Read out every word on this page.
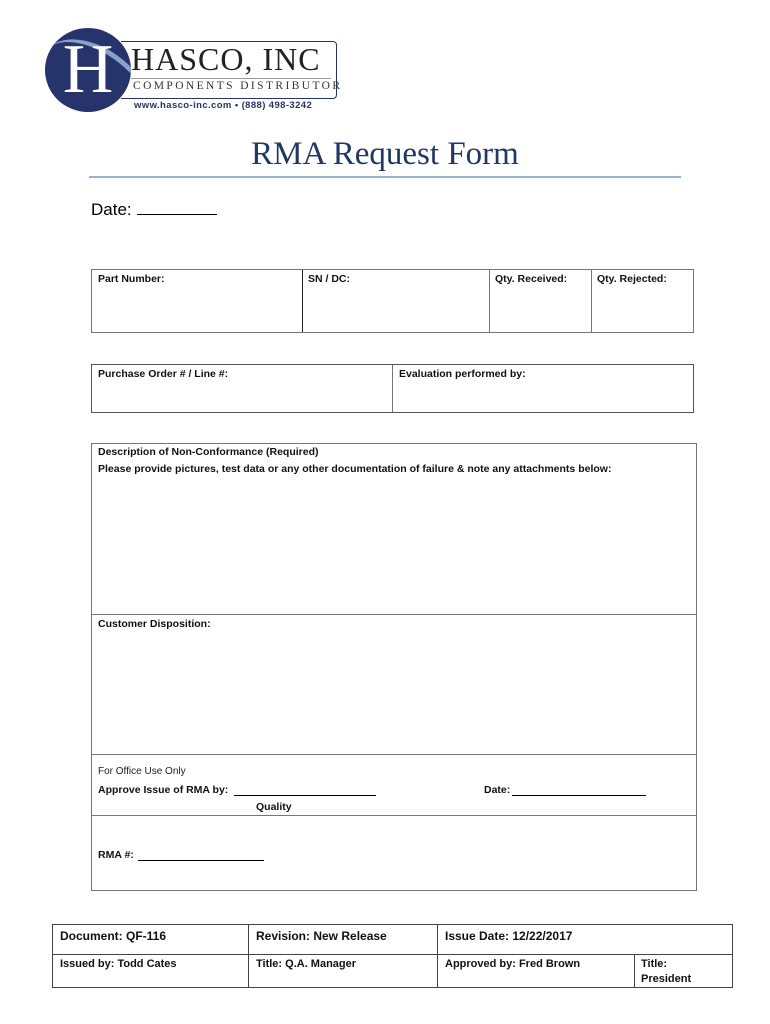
H HASCO, INC
COMPONENTS DISTRIBUTOR
www.hasco-inc.com • (888) 498-3242
RMA Request Form
Date:
Part Number:	SN / DC:	Qty. Received:	Qty. Rejected:
Purchase Order # / Line #:	Evaluation performed by:
Description of Non-Conformance (Required)
Please provide pictures, test data or any other documentation of failure & note any attachments below:
Customer Disposition:
For Office Use Only
Approve Issue of RMA by:
Quality
Date:
RMA #:
Document: QF-116	Revision: New Release	Issue Date: 12/22/2017
Issued by: Todd Cates	Title: Q.A. Manager	Approved by: Fred Brown	Title:
President
